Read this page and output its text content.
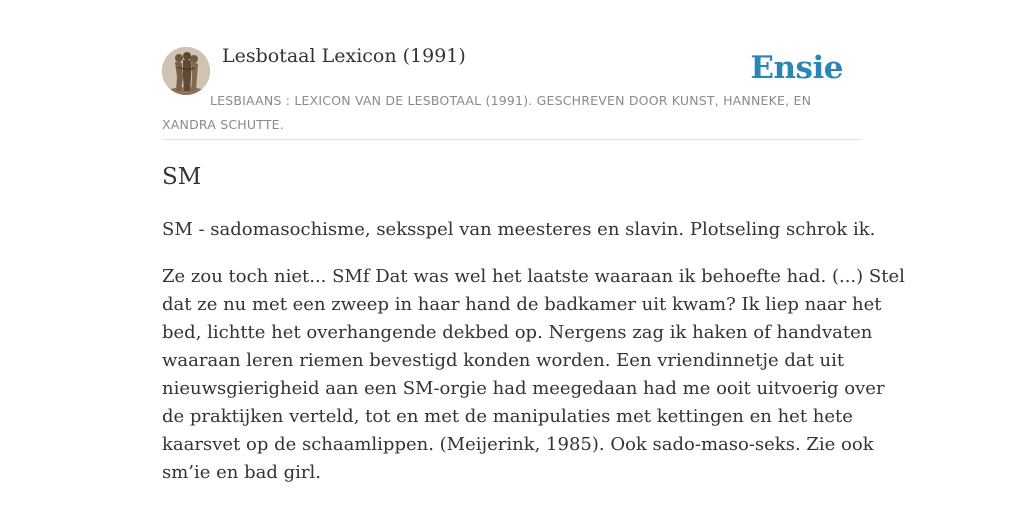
Lesbotaal Lexicon (1991)	Ensie
LESBIAANS : LEXICON VAN DE LESBOTAAL (1991). GESCHREVEN DOOR KUNST, HANNEKE, EN XANDRA SCHUTTE.
SM
SM - sadomasochisme, seksspel van meesteres en slavin. Plotseling schrok ik.
Ze zou toch niet... SMf Dat was wel het laatste waaraan ik behoefte had. (...) Stel
dat ze nu met een zweep in haar hand de badkamer uit kwam? Ik liep naar het
bed, lichtte het overhangende dekbed op. Nergens zag ik haken of handvaten
waaraan leren riemen bevestigd konden worden. Een vriendinnetje dat uit
nieuwsgierigheid aan een SM-orgie had meegedaan had me ooit uitvoerig over
de praktijken verteld, tot en met de manipulaties met kettingen en het hete
kaarsvet op de schaamlippen. (Meijerink, 1985). Ook sado-maso-seks. Zie ook
sm’ie en bad girl.
